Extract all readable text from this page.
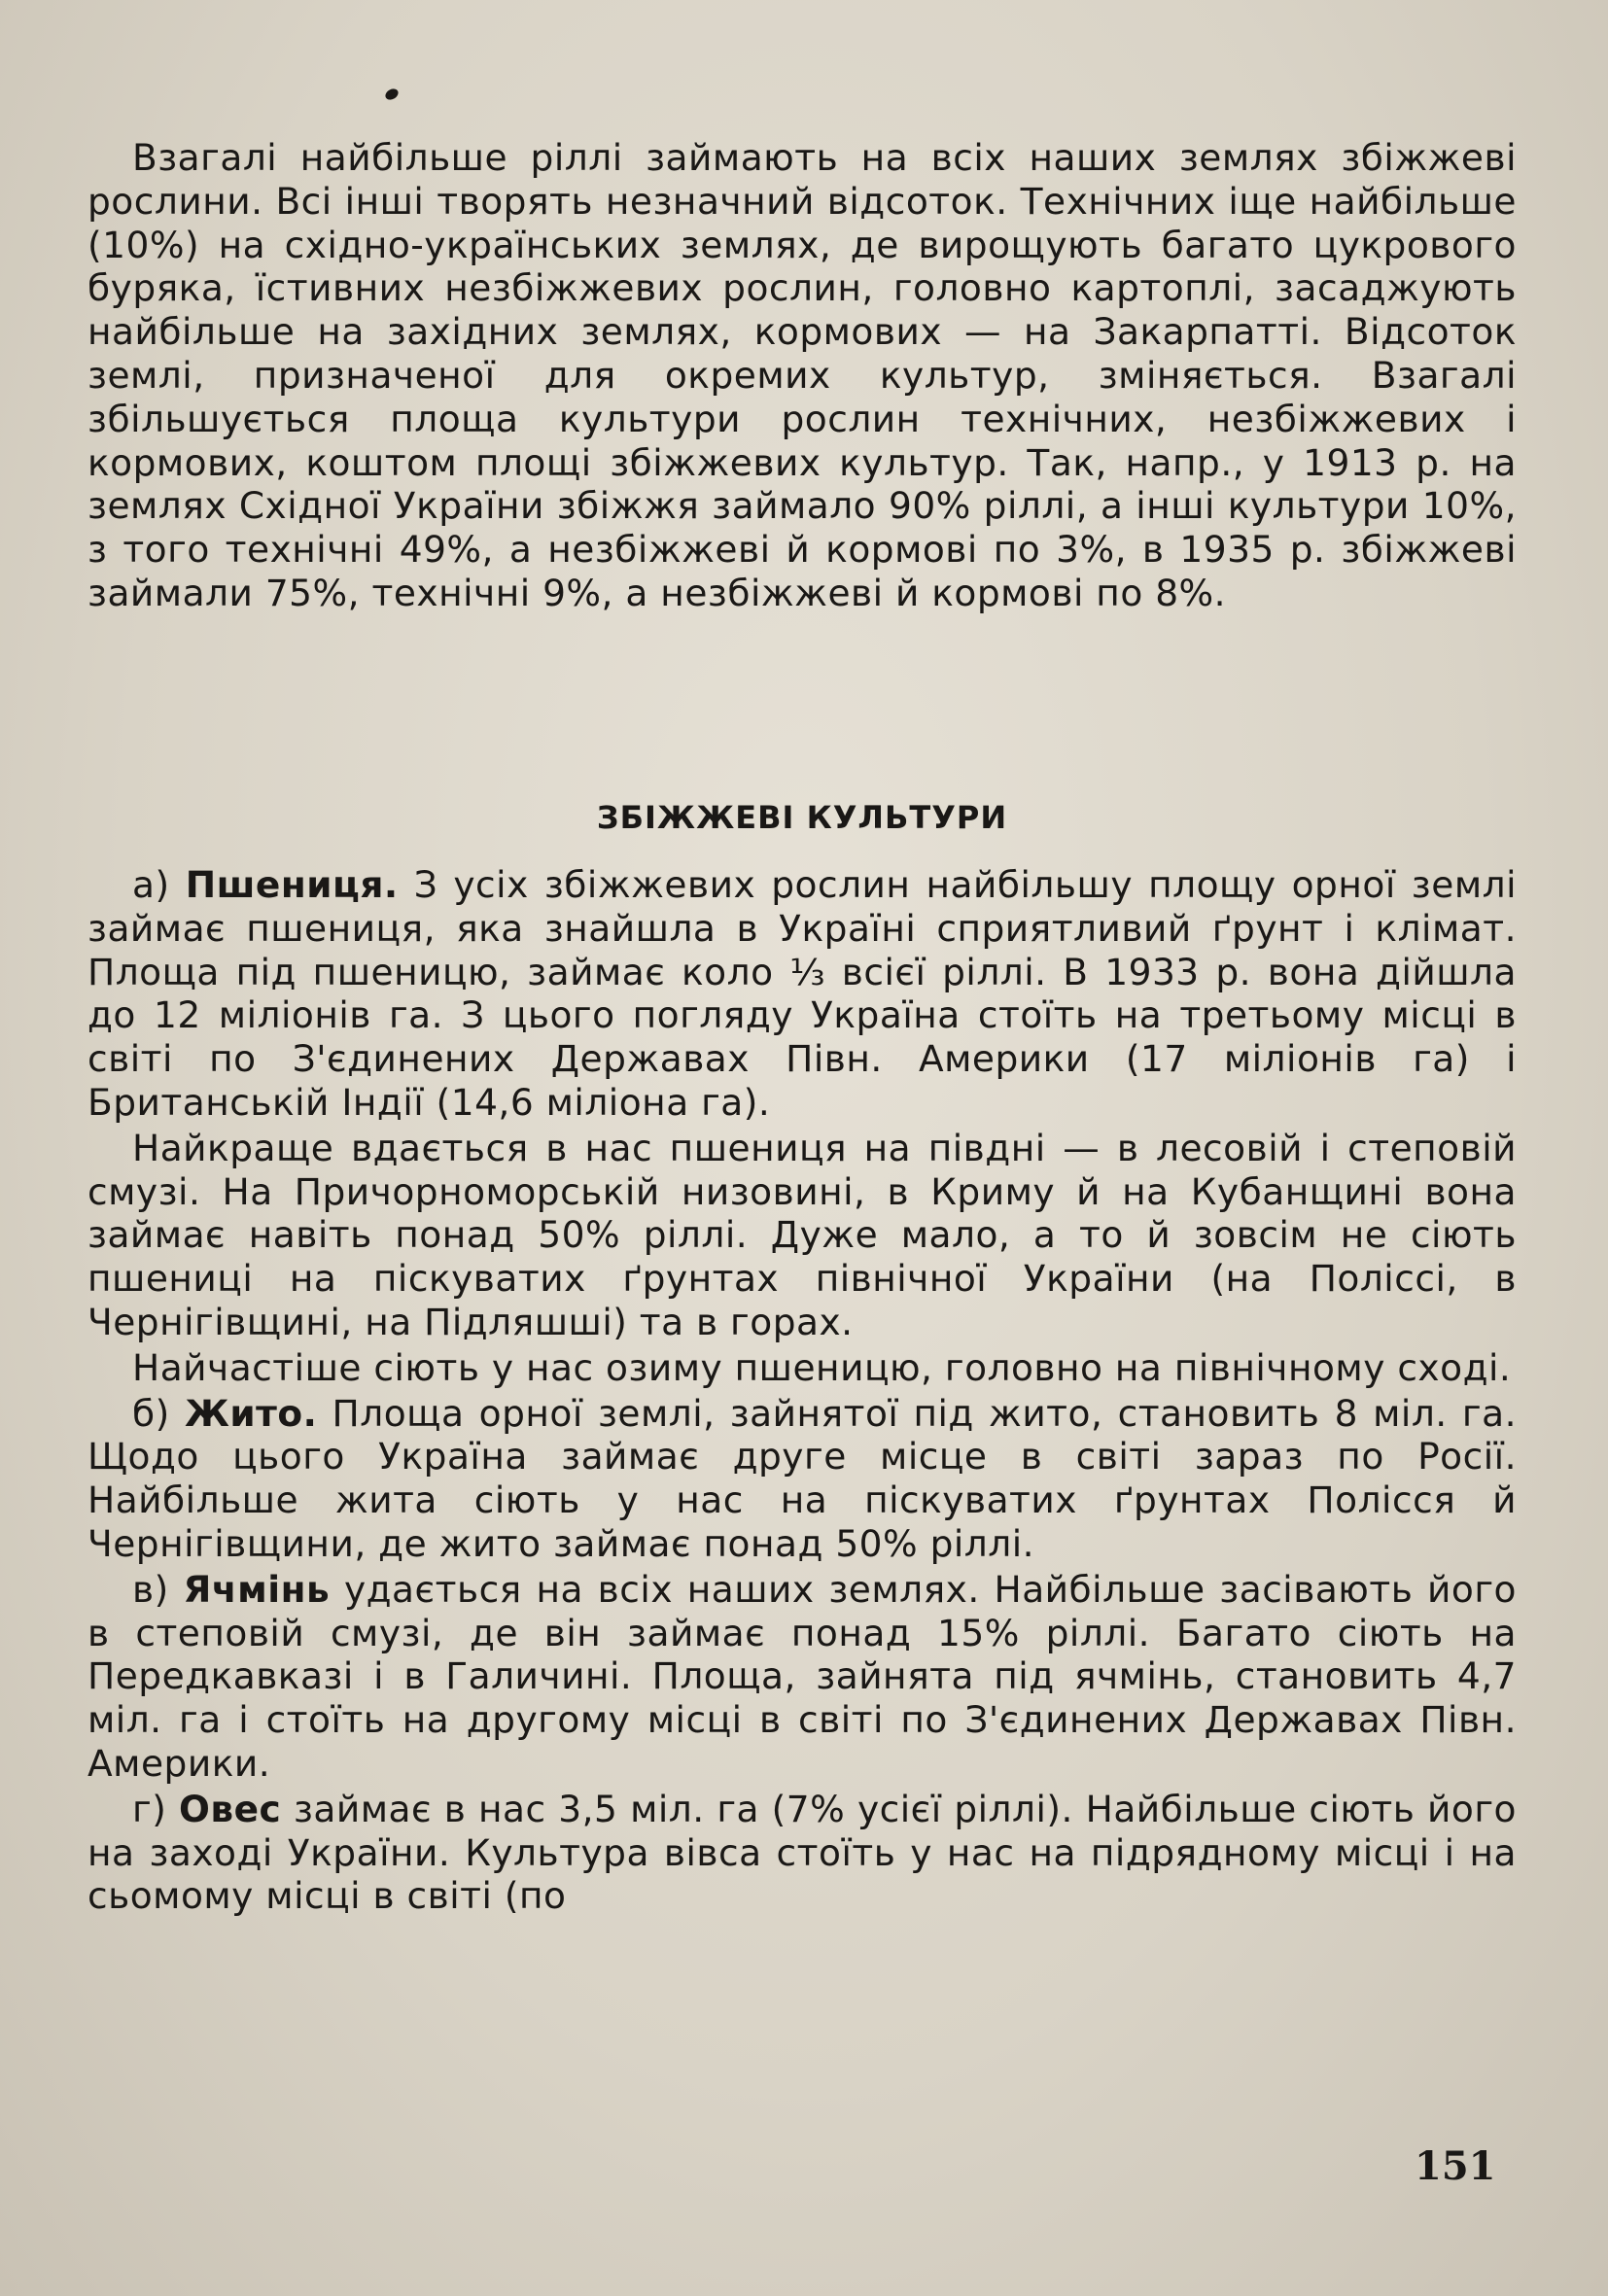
Взагалі найбільше ріллі займають на всіх наших землях збіжжеві рослини. Всі інші творять незначний відсоток. Технічних іще найбільше (10%) на східно-українських землях, де вирощують багато цукрового буряка, їстивних незбіжжевих рослин, головно картоплі, засаджують найбільше на західних землях, кормових — на Закарпатті. Відсоток землі, призначеної для окремих культур, зміняється. Взагалі збільшується площа культури рослин технічних, незбіжжевих і кормових, коштом площі збіжжевих культур. Так, напр., у 1913 р. на землях Східної України збіжжя займало 90% ріллі, а інші культури 10%, з того технічні 49%, а незбіжжеві й кормові по 3%, в 1935 р. збіжжеві займали 75%, технічні 9%, а незбіжжеві й кормові по 8%.

ЗБІЖЖЕВІ КУЛЬТУРИ

а) Пшениця. З усіх збіжжевих рослин найбільшу площу орної землі займає пшениця, яка знайшла в Україні сприятливий ґрунт і клімат. Площа під пшеницю, займає коло ⅓ всієї ріллі. В 1933 р. вона дійшла до 12 міліонів га. З цього погляду Україна стоїть на третьому місці в світі по З'єдинених Державах Півн. Америки (17 міліонів га) і Британській Індії (14,6 міліона га).

Найкраще вдається в нас пшениця на півдні — в лесовій і степовій смузі. На Причорноморській низовині, в Криму й на Кубанщині вона займає навіть понад 50% ріллі. Дуже мало, а то й зовсім не сіють пшениці на піскуватих ґрунтах північної України (на Поліссі, в Чернігівщині, на Підляшші) та в горах.

Найчастіше сіють у нас озиму пшеницю, головно на північному сході.

б) Жито. Площа орної землі, зайнятої під жито, становить 8 міл. га. Щодо цього Україна займає друге місце в світі зараз по Росії. Найбільше жита сіють у нас на піскуватих ґрунтах Полісся й Чернігівщини, де жито займає понад 50% ріллі.

в) Ячмінь удається на всіх наших землях. Найбільше засівають його в степовій смузі, де він займає понад 15% ріллі. Багато сіють на Передкавказі і в Галичині. Площа, зайнята під ячмінь, становить 4,7 міл. га і стоїть на другому місці в світі по З'єдинених Державах Півн. Америки.

г) Овес займає в нас 3,5 міл. га (7% усієї ріллі). Найбільше сіють його на заході України. Культура вівса стоїть у нас на підрядному місці і на сьомому місці в світі (по

151
